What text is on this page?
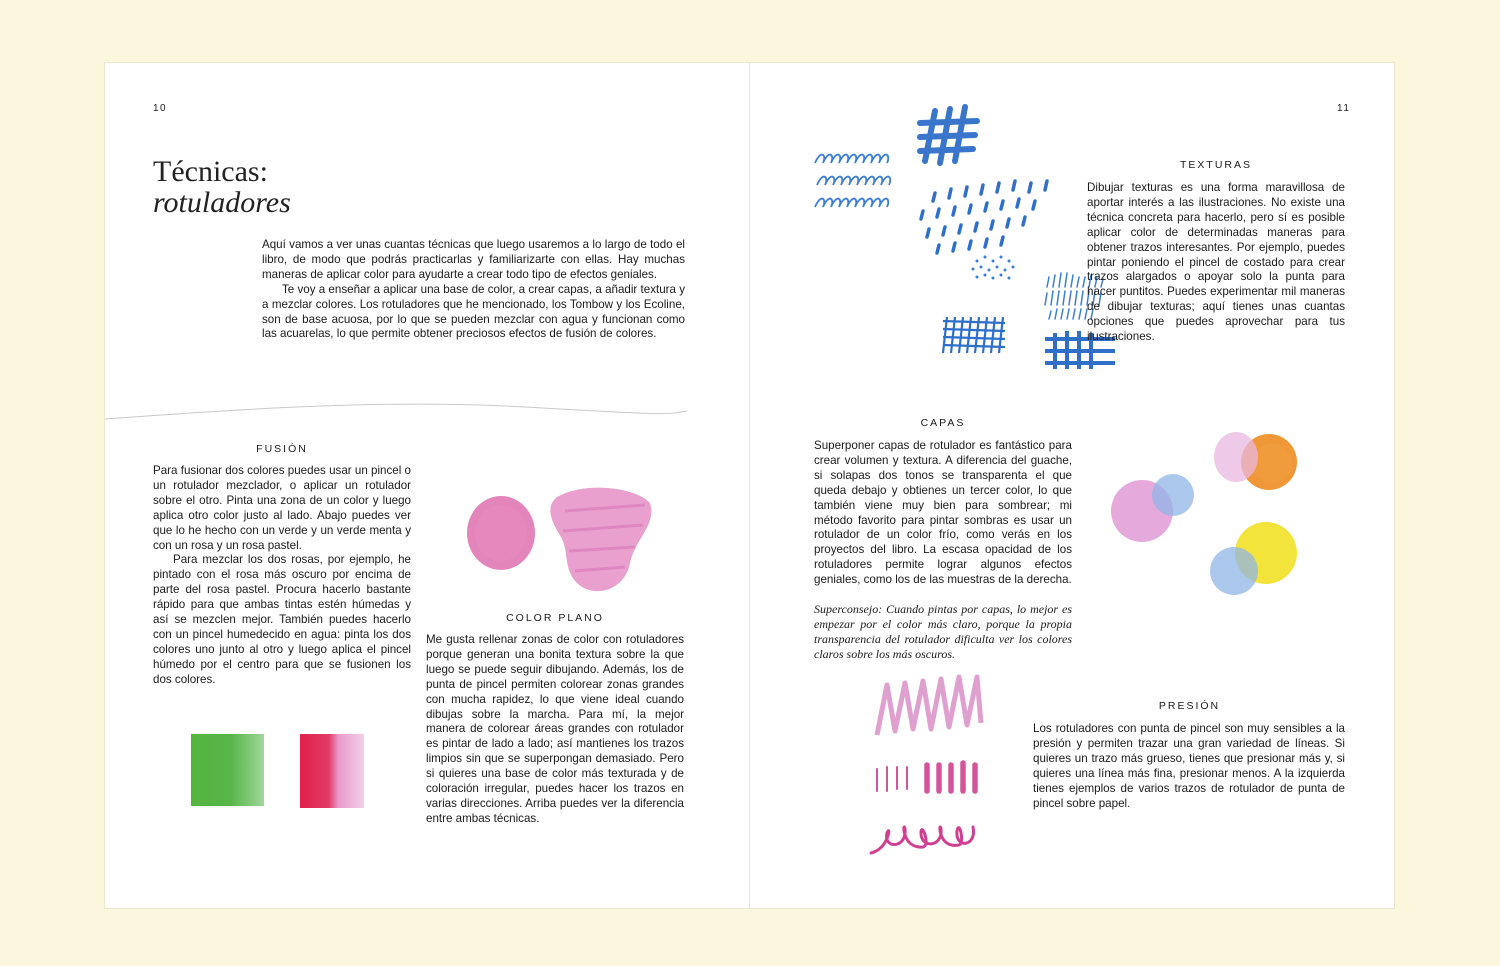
10
Técnicas:
rotuladores

Aquí vamos a ver unas cuantas técnicas que luego usaremos a lo largo de todo el libro, de modo que podrás practicarlas y familiarizarte con ellas. Hay muchas maneras de aplicar color para ayudarte a crear todo tipo de efectos geniales.

Te voy a enseñar a aplicar una base de color, a crear capas, a añadir textura y a mezclar colores. Los rotuladores que he mencionado, los Tombow y los Ecoline, son de base acuosa, por lo que se pueden mezclar con agua y funcionan como las acuarelas, lo que permite obtener preciosos efectos de fusión de colores.

FUSIÓN

Para fusionar dos colores puedes usar un pincel o un rotulador mezclador, o aplicar un rotulador sobre el otro. Pinta una zona de un color y luego aplica otro color justo al lado. Abajo puedes ver que lo he hecho con un verde y un verde menta y con un rosa y un rosa pastel.

Para mezclar los dos rosas, por ejemplo, he pintado con el rosa más oscuro por encima de parte del rosa pastel. Procura hacerlo bastante rápido para que ambas tintas estén húmedas y así se mezclen mejor. También puedes hacerlo con un pincel humedecido en agua: pinta los dos colores uno junto al otro y luego aplica el pincel húmedo por el centro para que se fusionen los dos colores.

COLOR PLANO

Me gusta rellenar zonas de color con rotuladores porque generan una bonita textura sobre la que luego se puede seguir dibujando. Además, los de punta de pincel permiten colorear zonas grandes con mucha rapidez, lo que viene ideal cuando dibujas sobre la marcha. Para mí, la mejor manera de colorear áreas grandes con rotulador es pintar de lado a lado; así mantienes los trazos limpios sin que se superpongan demasiado. Pero si quieres una base de color más texturada y de coloración irregular, puedes hacer los trazos en varias direcciones. Arriba puedes ver la diferencia entre ambas técnicas.

11
TEXTURAS

Dibujar texturas es una forma maravillosa de aportar interés a las ilustraciones. No existe una técnica concreta para hacerlo, pero sí es posible aplicar color de determinadas maneras para obtener trazos interesantes. Por ejemplo, puedes pintar poniendo el pincel de costado para crear trazos alargados o apoyar solo la punta para hacer puntitos. Puedes experimentar mil maneras de dibujar texturas; aquí tienes unas cuantas opciones que puedes aprovechar para tus ilustraciones.

CAPAS

Superponer capas de rotulador es fantástico para crear volumen y textura. A diferencia del guache, si solapas dos tonos se transparenta el que queda debajo y obtienes un tercer color, lo que también viene muy bien para sombrear; mi método favorito para pintar sombras es usar un rotulador de un color frío, como verás en los proyectos del libro. La escasa opacidad de los rotuladores permite lograr algunos efectos geniales, como los de las muestras de la derecha.

Superconsejo: Cuando pintas por capas, lo mejor es empezar por el color más claro, porque la propia transparencia del rotulador dificulta ver los colores claros sobre los más oscuros.

PRESIÓN

Los rotuladores con punta de pincel son muy sensibles a la presión y permiten trazar una gran variedad de líneas. Si quieres un trazo más grueso, tienes que presionar más y, si quieres una línea más fina, presionar menos. A la izquierda tienes ejemplos de varios trazos de rotulador de punta de pincel sobre papel.
